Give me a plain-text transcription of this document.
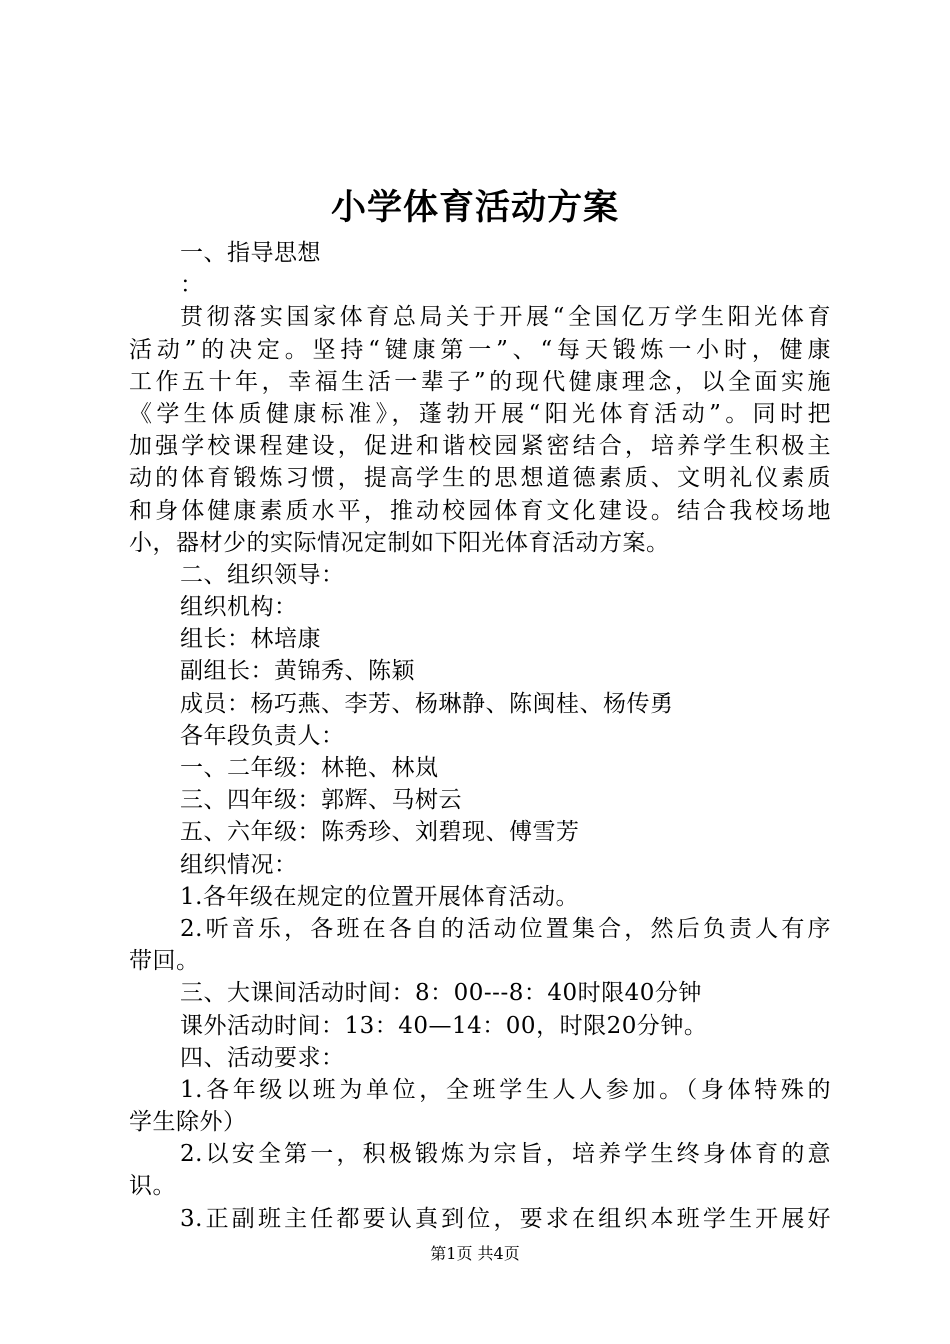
小学体育活动方案

一、指导思想

：

贯彻落实国家体育总局关于开展“全国亿万学生阳光体育

活动”的决定。坚持“键康第一”、“每天锻炼一小时，健康

工作五十年，幸福生活一辈子”的现代健康理念，以全面实施

《学生体质健康标准》，蓬勃开展“阳光体育活动”。同时把

加强学校课程建设，促进和谐校园紧密结合，培养学生积极主

动的体育锻炼习惯，提高学生的思想道德素质、文明礼仪素质

和身体健康素质水平，推动校园体育文化建设。结合我校场地

小，器材少的实际情况定制如下阳光体育活动方案。

二、组织领导：

组织机构：

组长：林培康

副组长：黄锦秀、陈颖

成员：杨巧燕、李芳、杨琳静、陈闽桂、杨传勇

各年段负责人：

一、二年级：林艳、林岚

三、四年级：郭辉、马树云

五、六年级：陈秀珍、刘碧现、傅雪芳

组织情况：

1.各年级在规定的位置开展体育活动。

2.听音乐，各班在各自的活动位置集合，然后负责人有序

带回。

三、大课间活动时间：8：00---8：40时限40分钟

课外活动时间：13：40—14：00，时限20分钟。

四、活动要求：

1.各年级以班为单位，全班学生人人参加。（身体特殊的

学生除外）

2.以安全第一，积极锻炼为宗旨，培养学生终身体育的意

识。

3.正副班主任都要认真到位，要求在组织本班学生开展好

第1页 共4页
